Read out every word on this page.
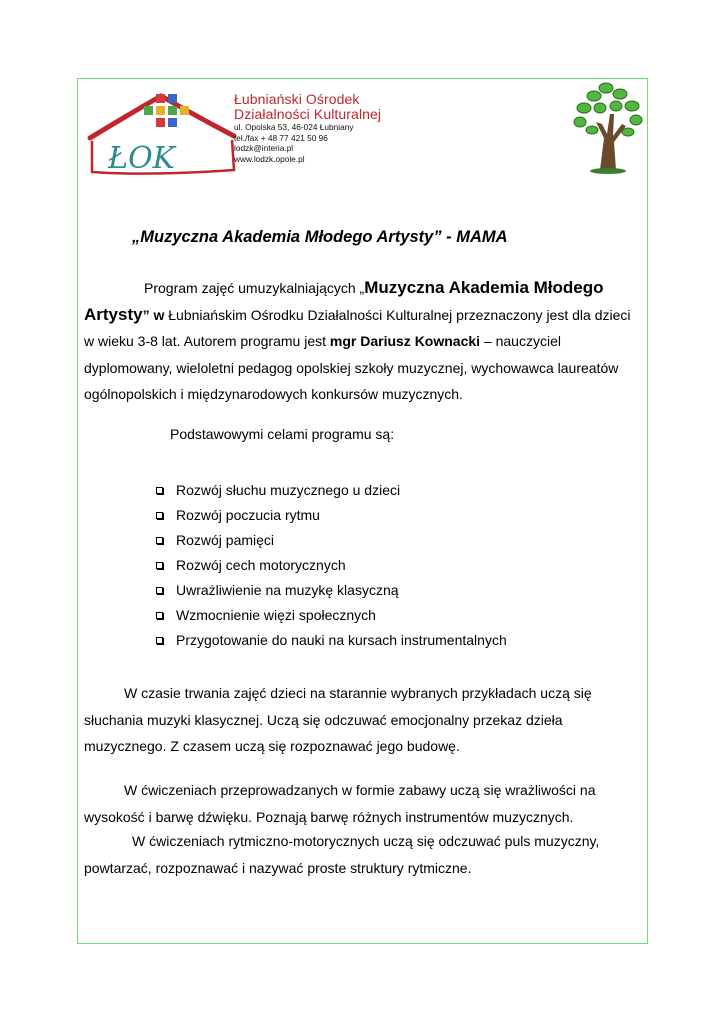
ŁOK
Łubniański Ośrodek
Działalności Kulturalnej
ul. Opolska 53, 46-024 Łubniany
tel./fax + 48 77 421 50 96
lodzk@interia.pl
www.lodzk.opole.pl
„Muzyczna Akademia Młodego Artysty” - MAMA

Program zajęć umuzykalniających „Muzyczna Akademia Młodego Artysty” w Łubniańskim Ośrodku Działalności Kulturalnej przeznaczony jest dla dzieci w wieku 3-8 lat. Autorem programu jest mgr Dariusz Kownacki – nauczyciel dyplomowany, wieloletni pedagog opolskiej szkoły muzycznej, wychowawca laureatów ogólnopolskich i międzynarodowych konkursów muzycznych.

Podstawowymi celami programu są:
Rozwój słuchu muzycznego u dzieci
Rozwój poczucia rytmu
Rozwój pamięci
Rozwój cech motorycznych
Uwrażliwienie na muzykę klasyczną
Wzmocnienie więzi społecznych
Przygotowanie do nauki na kursach instrumentalnych

W czasie trwania zajęć dzieci na starannie wybranych przykładach uczą się słuchania muzyki klasycznej. Uczą się odczuwać emocjonalny przekaz dzieła muzycznego. Z czasem uczą się rozpoznawać jego budowę.

W ćwiczeniach przeprowadzanych w formie zabawy uczą się wrażliwości na wysokość i barwę dźwięku. Poznają barwę różnych instrumentów muzycznych.

W ćwiczeniach rytmiczno-motorycznych uczą się odczuwać puls muzyczny, powtarzać, rozpoznawać i nazywać proste struktury rytmiczne.
